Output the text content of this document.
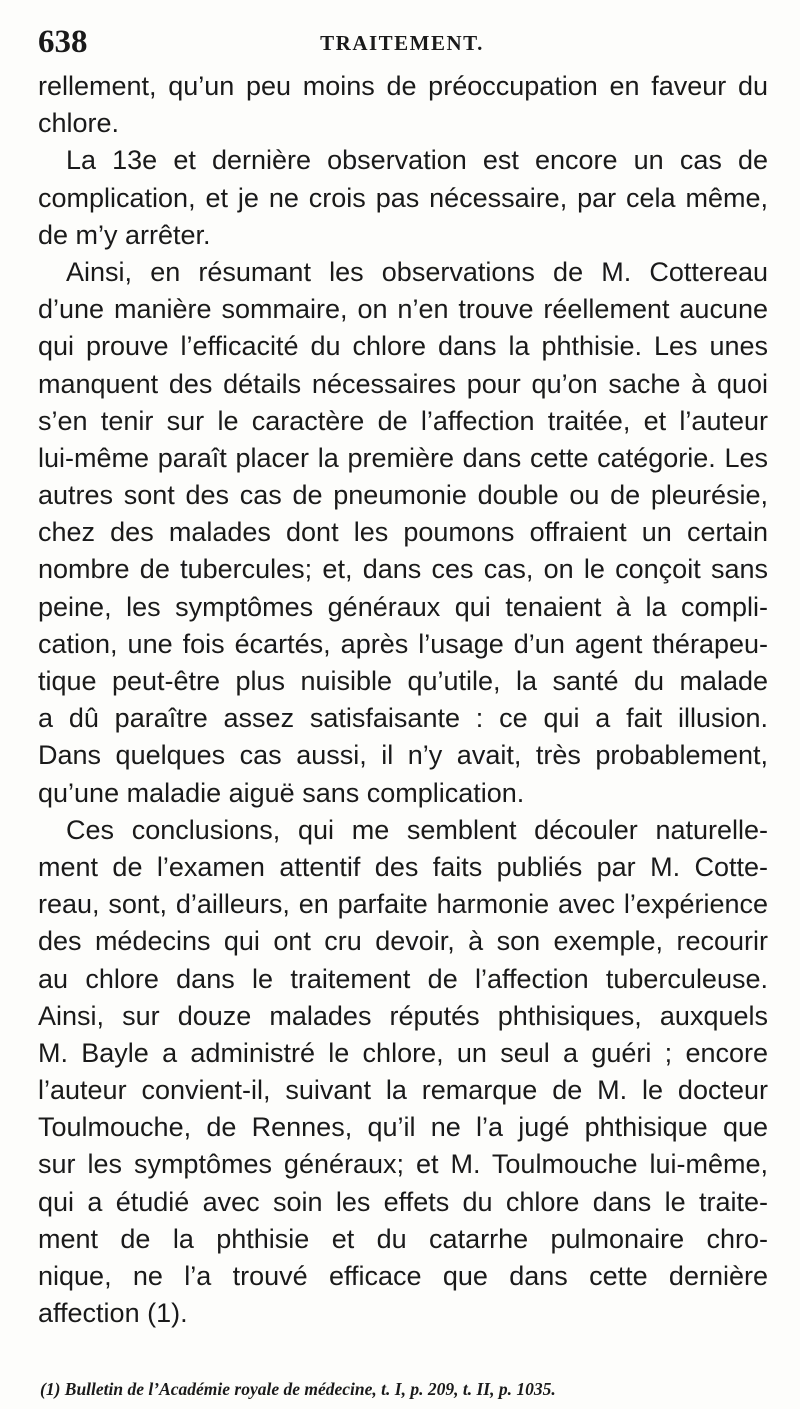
638	TRAITEMENT.
rellement, qu’un peu moins de préoccupation en faveur du
chlore.
La 13e et dernière observation est encore un cas de
complication, et je ne crois pas nécessaire, par cela même,
de m’y arrêter.
Ainsi, en résumant les observations de M. Cottereau
d’une manière sommaire, on n’en trouve réellement aucune
qui prouve l’efficacité du chlore dans la phthisie. Les unes
manquent des détails nécessaires pour qu’on sache à quoi
s’en tenir sur le caractère de l’affection traitée, et l’auteur
lui-même paraît placer la première dans cette catégorie. Les
autres sont des cas de pneumonie double ou de pleurésie,
chez des malades dont les poumons offraient un certain
nombre de tubercules; et, dans ces cas, on le conçoit sans
peine, les symptômes généraux qui tenaient à la compli-
cation, une fois écartés, après l’usage d’un agent thérapeu-
tique peut-être plus nuisible qu’utile, la santé du malade
a dû paraître assez satisfaisante : ce qui a fait illusion.
Dans quelques cas aussi, il n’y avait, très probablement,
qu’une maladie aiguë sans complication.
Ces conclusions, qui me semblent découler naturelle-
ment de l’examen attentif des faits publiés par M. Cotte-
reau, sont, d’ailleurs, en parfaite harmonie avec l’expérience
des médecins qui ont cru devoir, à son exemple, recourir
au chlore dans le traitement de l’affection tuberculeuse.
Ainsi, sur douze malades réputés phthisiques, auxquels
M. Bayle a administré le chlore, un seul a guéri ; encore
l’auteur convient-il, suivant la remarque de M. le docteur
Toulmouche, de Rennes, qu’il ne l’a jugé phthisique que
sur les symptômes généraux; et M. Toulmouche lui-même,
qui a étudié avec soin les effets du chlore dans le traite-
ment de la phthisie et du catarrhe pulmonaire chro-
nique, ne l’a trouvé efficace que dans cette dernière
affection (1).
(1) Bulletin de l’Académie royale de médecine, t. I, p. 209, t. II, p. 1035.
